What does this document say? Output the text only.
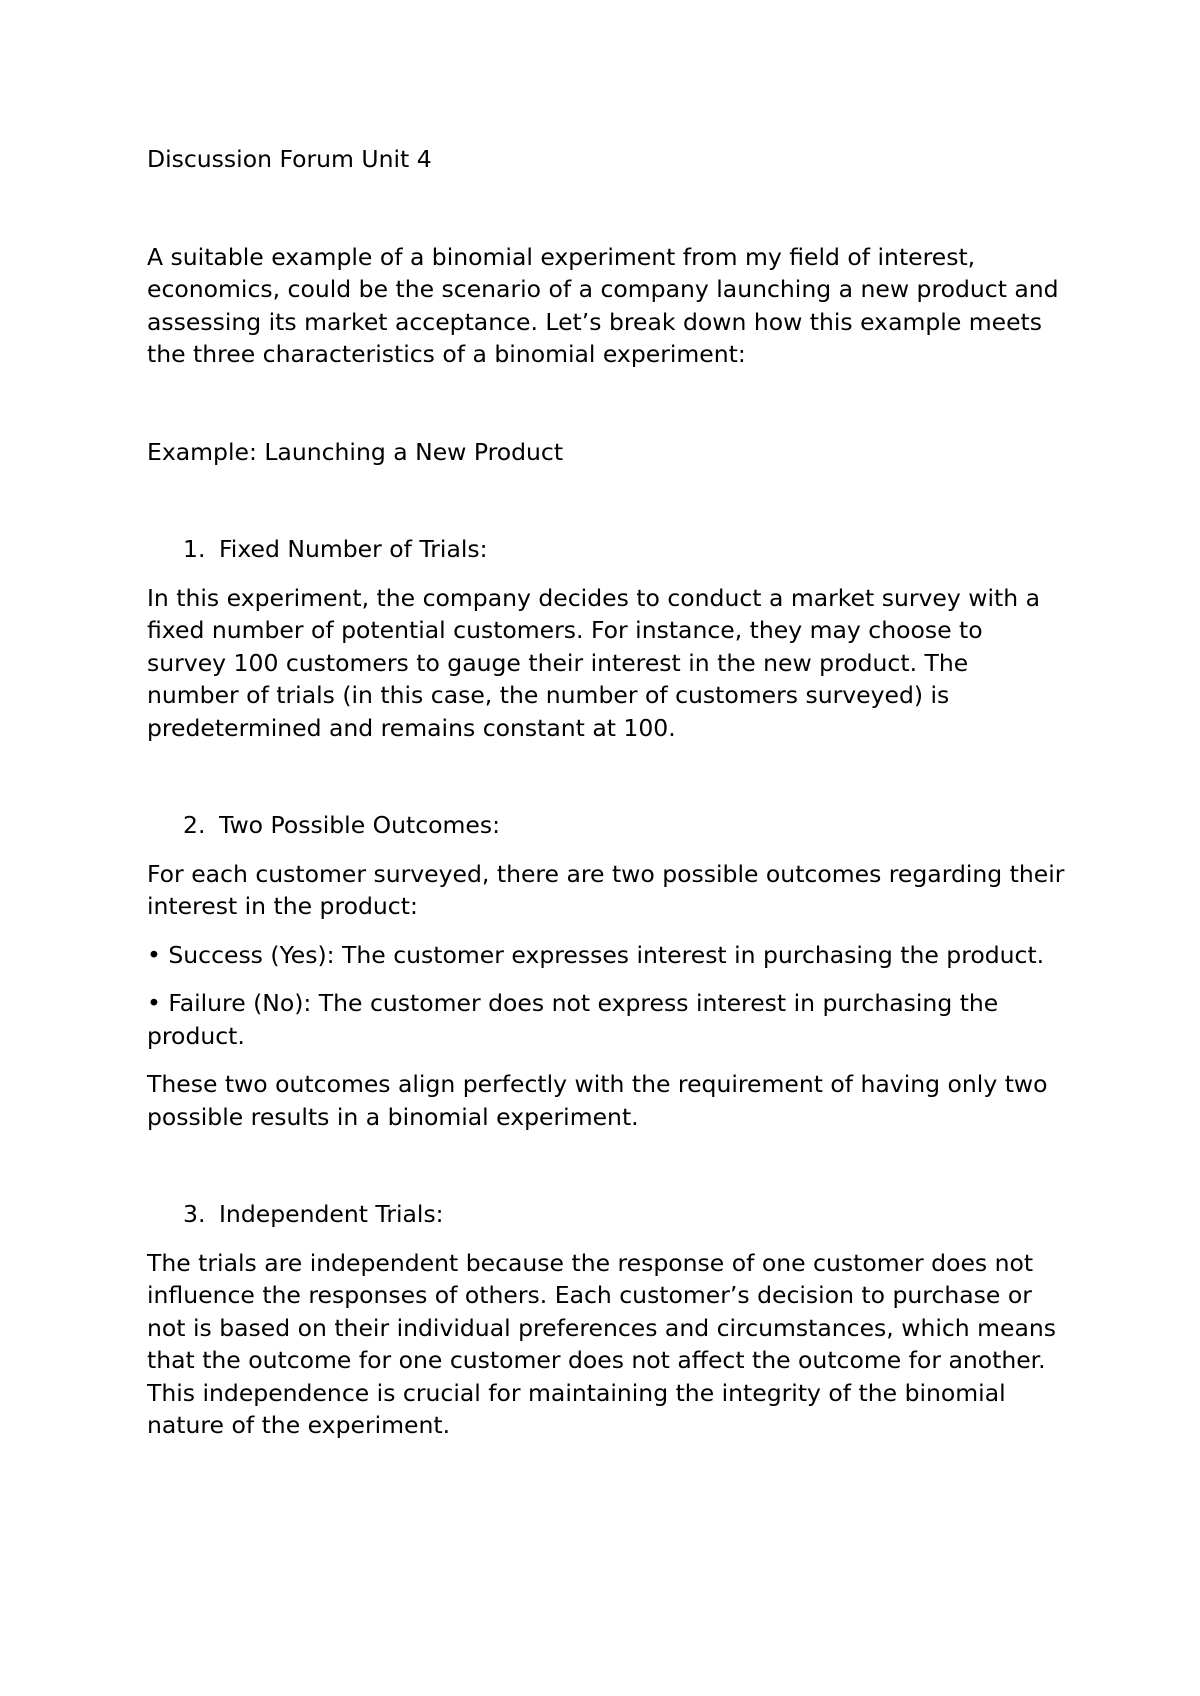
Discussion Forum Unit 4

A suitable example of a binomial experiment from my field of interest, economics, could be the scenario of a company launching a new product and assessing its market acceptance. Let’s break down how this example meets the three characteristics of a binomial experiment:

Example: Launching a New Product

1. Fixed Number of Trials:

In this experiment, the company decides to conduct a market survey with a fixed number of potential customers. For instance, they may choose to survey 100 customers to gauge their interest in the new product. The number of trials (in this case, the number of customers surveyed) is predetermined and remains constant at 100.

2. Two Possible Outcomes:

For each customer surveyed, there are two possible outcomes regarding their interest in the product:

• Success (Yes): The customer expresses interest in purchasing the product.

• Failure (No): The customer does not express interest in purchasing the product.

These two outcomes align perfectly with the requirement of having only two possible results in a binomial experiment.

3. Independent Trials:

The trials are independent because the response of one customer does not influence the responses of others. Each customer’s decision to purchase or not is based on their individual preferences and circumstances, which means that the outcome for one customer does not affect the outcome for another. This independence is crucial for maintaining the integrity of the binomial nature of the experiment.
